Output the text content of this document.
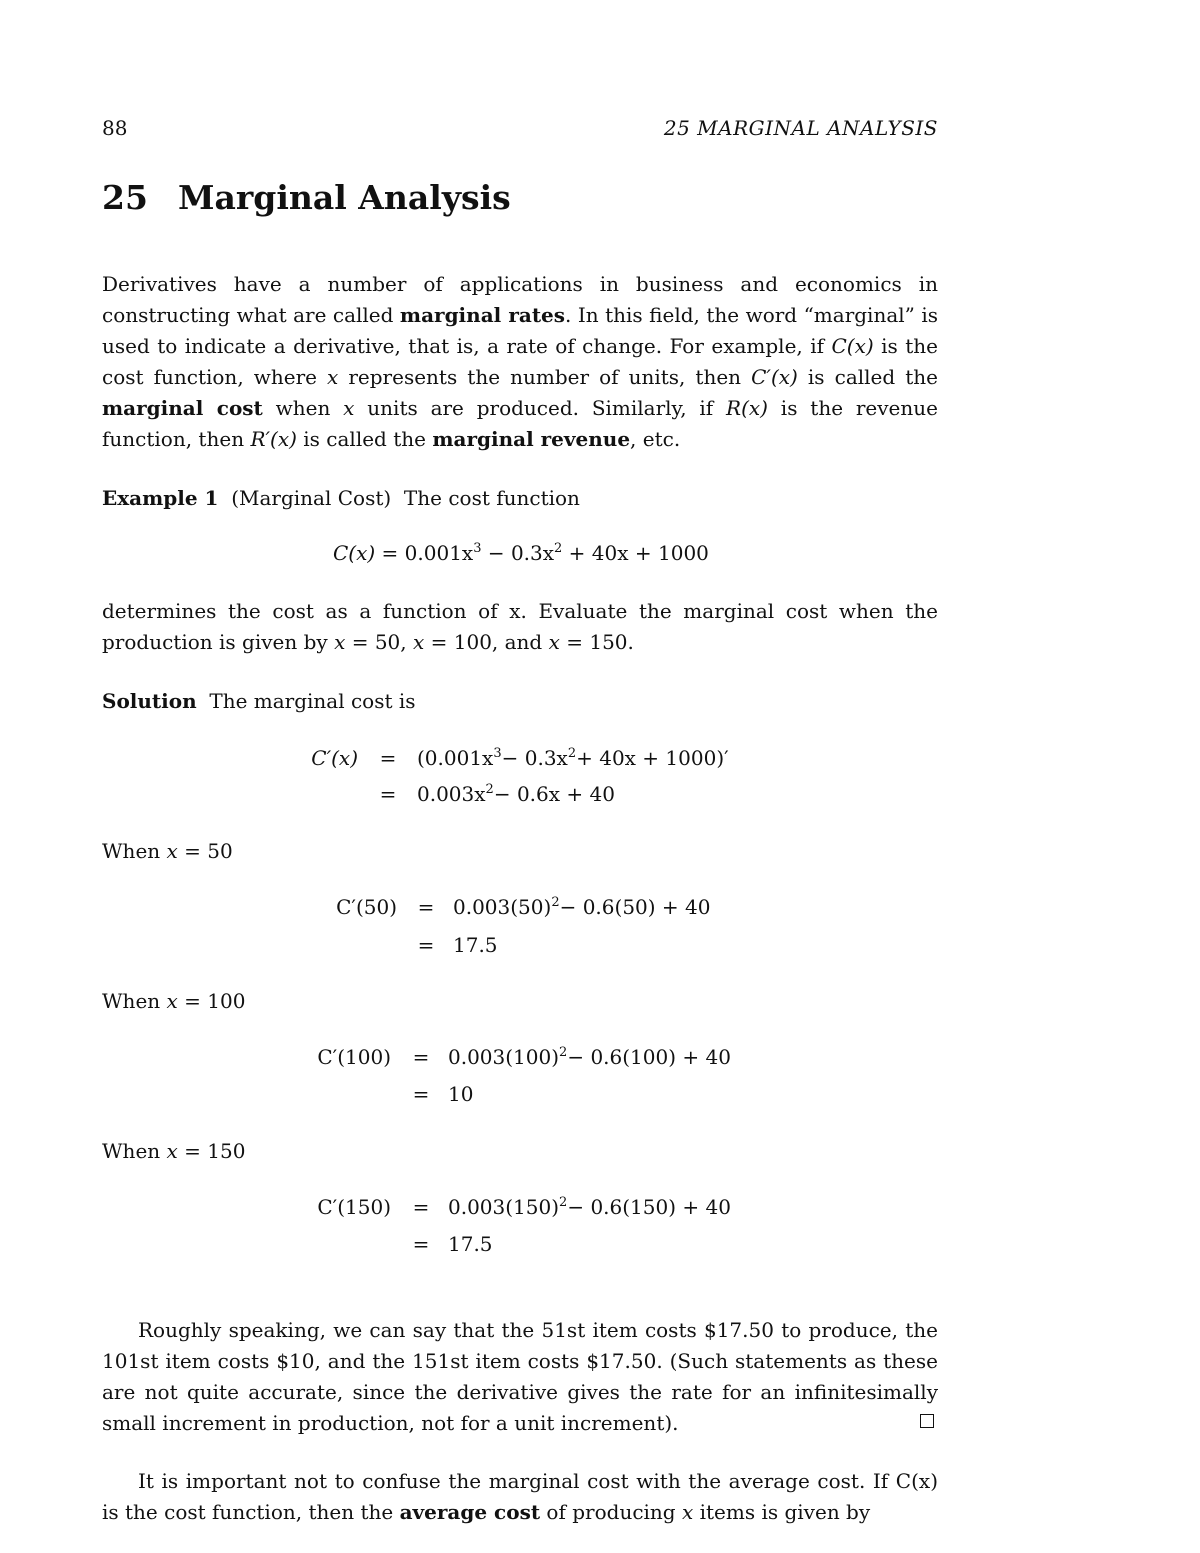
88	25 MARGINAL ANALYSIS
25 Marginal Analysis
Derivatives have a number of applications in business and economics in constructing what are called marginal rates. In this field, the word “marginal” is used to indicate a derivative, that is, a rate of change. For example, if C(x) is the cost function, where x represents the number of units, then C′(x) is called the marginal cost when x units are produced. Similarly, if R(x) is the revenue function, then R′(x) is called the marginal revenue, etc.
Example 1 (Marginal Cost) The cost function
$C(x) = 0.001x^3 - 0.3x^2 + 40x + 1000$
determines the cost as a function of x. Evaluate the marginal cost when the production is given by x = 50, x = 100, and x = 150.
Solution The marginal cost is
$C'(x) = (0.001x^3- 0.3x^2+ 40x + 1000)'$
= $0.003x^2- 0.6x + 40$
When x = 50
$C'(50) = 0.003(50)^2- 0.6(50) + 40$
= 17.5
When x = 100
$C'(100) = 0.003(100)^2- 0.6(100) + 40$
= 10
When x = 150
$C'(150) = 0.003(150)^2- 0.6(150) + 40$
= 17.5
Roughly speaking, we can say that the 51st item costs $17.50 to produce, the 101st item costs $10, and the 151st item costs $17.50. (Such statements as these are not quite accurate, since the derivative gives the rate for an infinitesimally small increment in production, not for a unit increment).
It is important not to confuse the marginal cost with the average cost. If C(x) is the cost function, then the average cost of producing x items is given by
